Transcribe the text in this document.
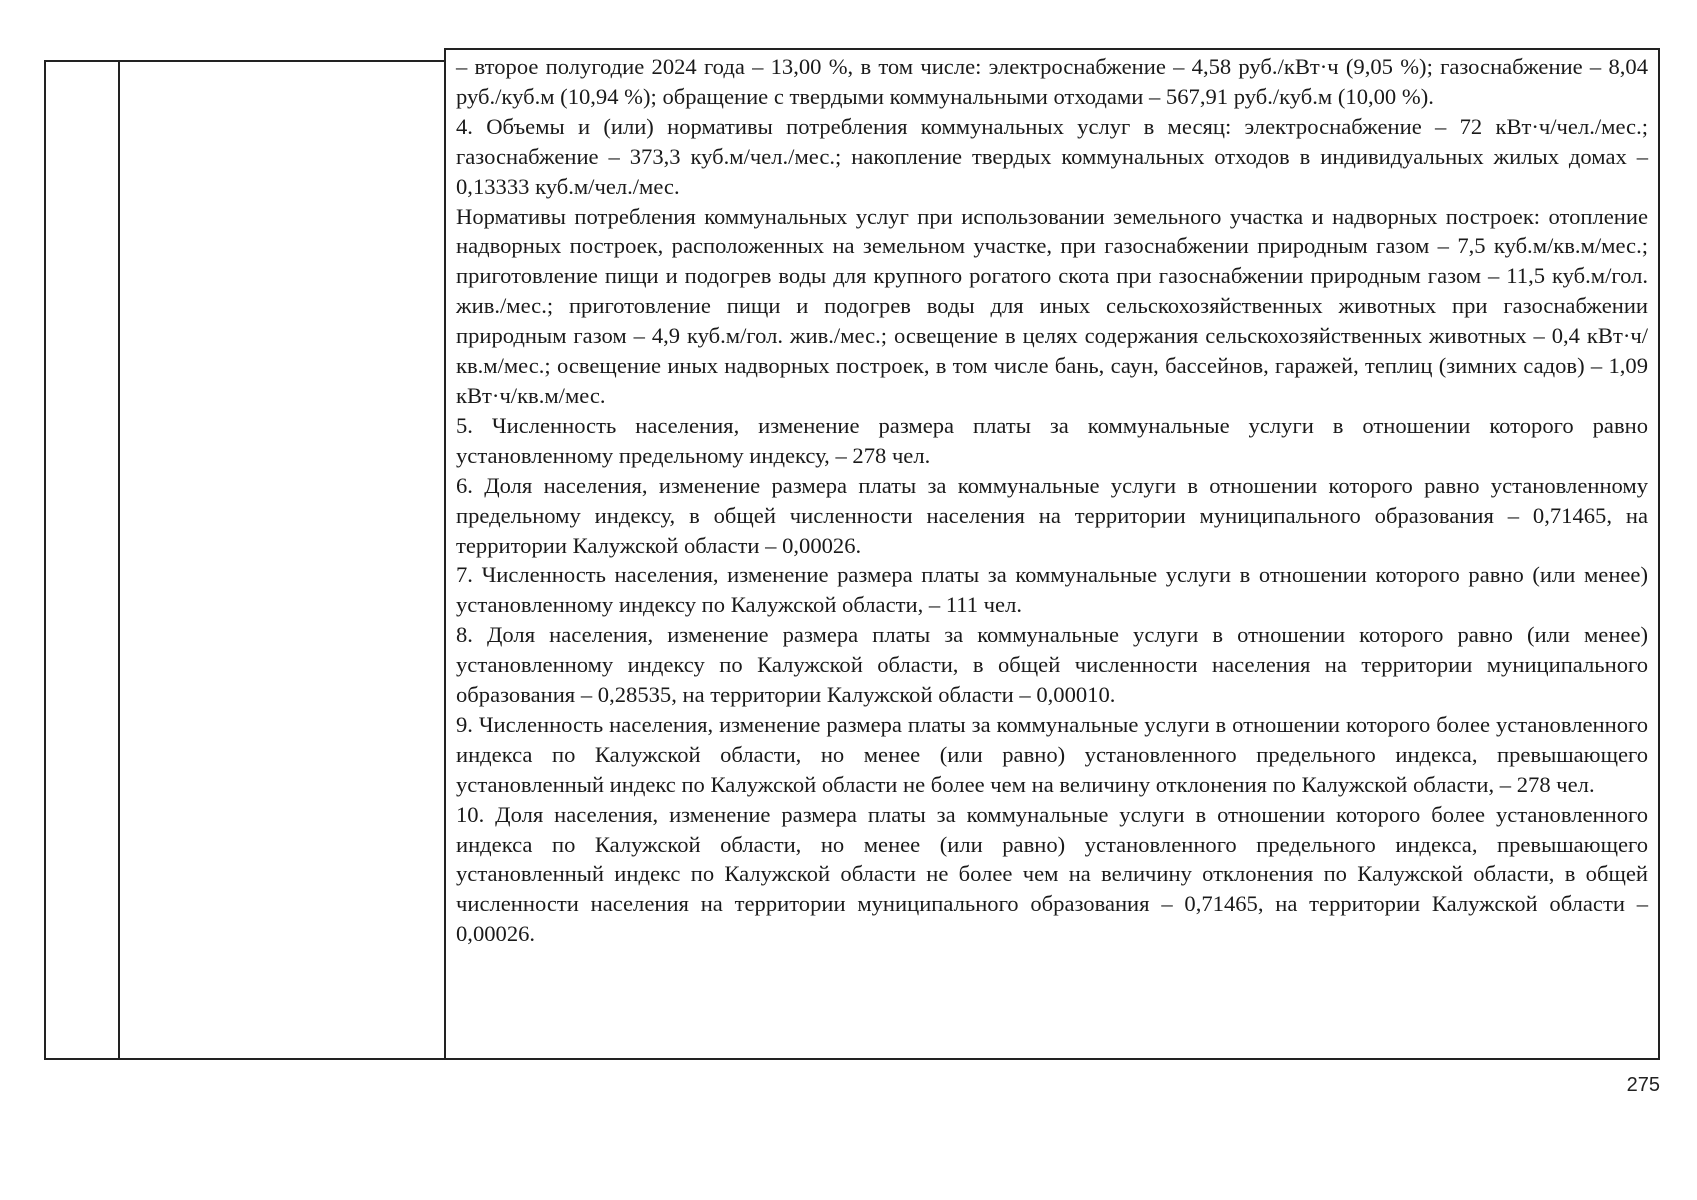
– второе полугодие 2024 года – 13,00 %, в том числе: электроснабжение – 4,58 руб./кВт·ч (9,05 %); газоснабжение – 8,04 руб./куб.м (10,94 %); обращение с твердыми коммунальными отходами – 567,91 руб./куб.м (10,00 %).

4. Объемы и (или) нормативы потребления коммунальных услуг в месяц: электроснабжение – 72 кВт·ч/чел./мес.; газоснабжение – 373,3 куб.м/чел./мес.; накопление твердых коммунальных отходов в индивидуальных жилых домах – 0,13333 куб.м/чел./мес.

Нормативы потребления коммунальных услуг при использовании земельного участка и надворных построек: отопление надворных построек, расположенных на земельном участке, при газоснабжении природным газом – 7,5 куб.м/кв.м/мес.; приготовление пищи и подогрев воды для крупного рогатого скота при газоснабжении природным газом – 11,5 куб.м/гол. жив./мес.; приготовление пищи и подогрев воды для иных сельскохозяйственных животных при газоснабжении природным газом – 4,9 куб.м/гол. жив./мес.; освещение в целях содержания сельскохозяйственных животных – 0,4 кВт·ч/кв.м/мес.; освещение иных надворных построек, в том числе бань, саун, бассейнов, гаражей, теплиц (зимних садов) – 1,09 кВт·ч/кв.м/мес.

5. Численность населения, изменение размера платы за коммунальные услуги в отношении которого равно установленному предельному индексу, – 278 чел.

6. Доля населения, изменение размера платы за коммунальные услуги в отношении которого равно установленному предельному индексу, в общей численности населения на территории муниципального образования – 0,71465, на территории Калужской области – 0,00026.

7. Численность населения, изменение размера платы за коммунальные услуги в отношении которого равно (или менее) установленному индексу по Калужской области, – 111 чел.

8. Доля населения, изменение размера платы за коммунальные услуги в отношении которого равно (или менее) установленному индексу по Калужской области, в общей численности населения на территории муниципального образования – 0,28535, на территории Калужской области – 0,00010.

9. Численность населения, изменение размера платы за коммунальные услуги в отношении которого более установленного индекса по Калужской области, но менее (или равно) установленного предельного индекса, превышающего установленный индекс по Калужской области не более чем на величину отклонения по Калужской области, – 278 чел.

10. Доля населения, изменение размера платы за коммунальные услуги в отношении которого более установленного индекса по Калужской области, но менее (или равно) установленного предельного индекса, превышающего установленный индекс по Калужской области не более чем на величину отклонения по Калужской области, в общей численности населения на территории муниципального образования – 0,71465, на территории Калужской области – 0,00026.

275
